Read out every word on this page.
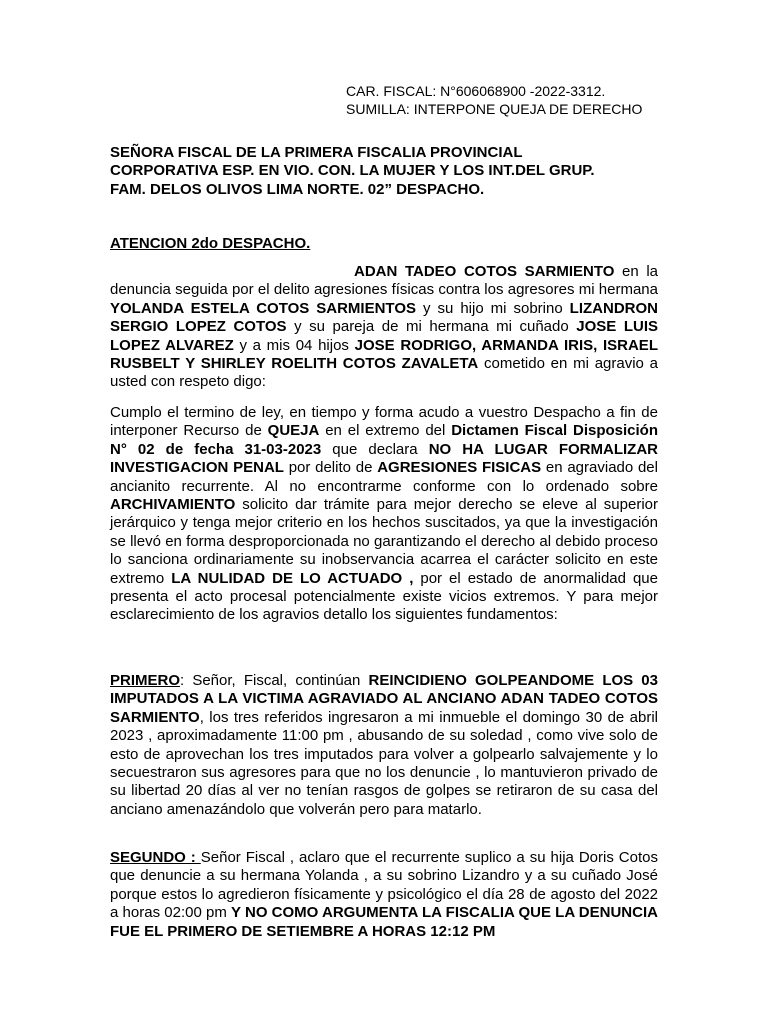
CAR. FISCAL: N°606068900 -2022-3312.
SUMILLA: INTERPONE QUEJA DE DERECHO
SEÑORA FISCAL DE LA PRIMERA FISCALIA PROVINCIAL
CORPORATIVA ESP. EN VIO. CON. LA MUJER Y LOS INT.DEL GRUP.
FAM. DELOS OLIVOS LIMA NORTE. 02” DESPACHO.
ATENCION 2do DESPACHO.
ADAN TADEO COTOS SARMIENTO en la denuncia seguida por el delito agresiones físicas contra los agresores mi hermana YOLANDA ESTELA COTOS SARMIENTOS y su hijo mi sobrino LIZANDRON SERGIO LOPEZ COTOS y su pareja de mi hermana mi cuñado JOSE LUIS LOPEZ ALVAREZ y a mis 04 hijos JOSE RODRIGO, ARMANDA IRIS, ISRAEL RUSBELT Y SHIRLEY ROELITH COTOS ZAVALETA cometido en mi agravio a usted con respeto digo:
Cumplo el termino de ley, en tiempo y forma acudo a vuestro Despacho a fin de interponer Recurso de QUEJA en el extremo del Dictamen Fiscal Disposición N° 02 de fecha 31-03-2023 que declara NO HA LUGAR FORMALIZAR INVESTIGACION PENAL por delito de AGRESIONES FISICAS en agraviado del ancianito recurrente. Al no encontrarme conforme con lo ordenado sobre ARCHIVAMIENTO solicito dar trámite para mejor derecho se eleve al superior jerárquico y tenga mejor criterio en los hechos suscitados, ya que la investigación se llevó en forma desproporcionada no garantizando el derecho al debido proceso lo sanciona ordinariamente su inobservancia acarrea el carácter solicito en este extremo LA NULIDAD DE LO ACTUADO , por el estado de anormalidad que presenta el acto procesal potencialmente existe vicios extremos. Y para mejor esclarecimiento de los agravios detallo los siguientes fundamentos:
PRIMERO: Señor, Fiscal, continúan REINCIDIENO GOLPEANDOME LOS 03 IMPUTADOS A LA VICTIMA AGRAVIADO AL ANCIANO ADAN TADEO COTOS SARMIENTO, los tres referidos ingresaron a mi inmueble el domingo 30 de abril 2023 , aproximadamente 11:00 pm , abusando de su soledad , como vive solo de esto de aprovechan los tres imputados para volver a golpearlo salvajemente y lo secuestraron sus agresores para que no los denuncie , lo mantuvieron privado de su libertad 20 días al ver no tenían rasgos de golpes se retiraron de su casa del anciano amenazándolo que volverán pero para matarlo.
SEGUNDO : Señor Fiscal , aclaro que el recurrente suplico a su hija Doris Cotos que denuncie a su hermana Yolanda , a su sobrino Lizandro y a su cuñado José porque estos lo agredieron físicamente y psicológico el día 28 de agosto del 2022 a horas 02:00 pm Y NO COMO ARGUMENTA LA FISCALIA QUE LA DENUNCIA FUE EL PRIMERO DE SETIEMBRE A HORAS 12:12 PM
